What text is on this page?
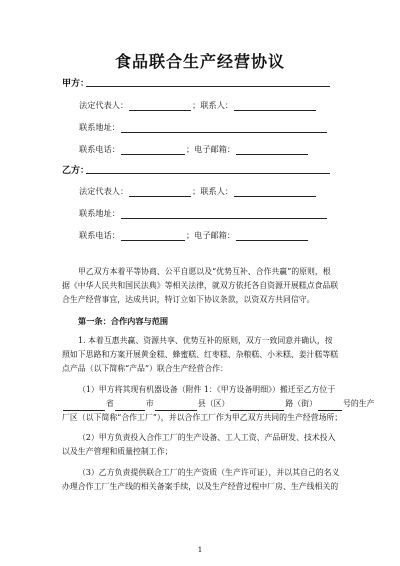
食品联合生产经营协议
甲方：
法定代表人：	； 联系人：
联系地址：
联系电话：	； 电子邮箱：
乙方：
法定代表人：	； 联系人：
联系地址：
联系电话：	； 电子邮箱：
甲乙双方本着平等协商、公平自愿以及“优势互补、合作共赢”的原则，根
据《中华人民共和国民法典》等相关法律，就双方依托各自资源开展糕点食品联
合生产经营事宜，达成共识，特订立如下协议条款，以资双方共同信守。
第一条：合作内容与范围
1. 本着互惠共赢、资源共享、优势互补的原则，双方一致同意并确认，按
照如下思路和方案开展黄金糕、蜂蜜糕、红枣糕、杂粮糕、小米糕、姜汁糕等糕
点产品（以下简称“产品”）联合生产经营合作：
（1）甲方将其现有机器设备（附件 1：《甲方设备明细》）搬迁至乙方位于
省	市	县（区）	路（街）	号的生产
厂区（以下简称“合作工厂”），并以合作工厂作为甲乙双方共同的生产经营场所；
（2）甲方负责投入合作工厂的生产设备、工人工资、产品研发、技术投入
以及生产管理和质量控制工作；
（3）乙方负责提供联合工厂的生产资质（生产许可证），并以其自己的名义
办理合作工厂生产线的相关备案手续，以及生产经营过程中厂房、生产线相关的
1
